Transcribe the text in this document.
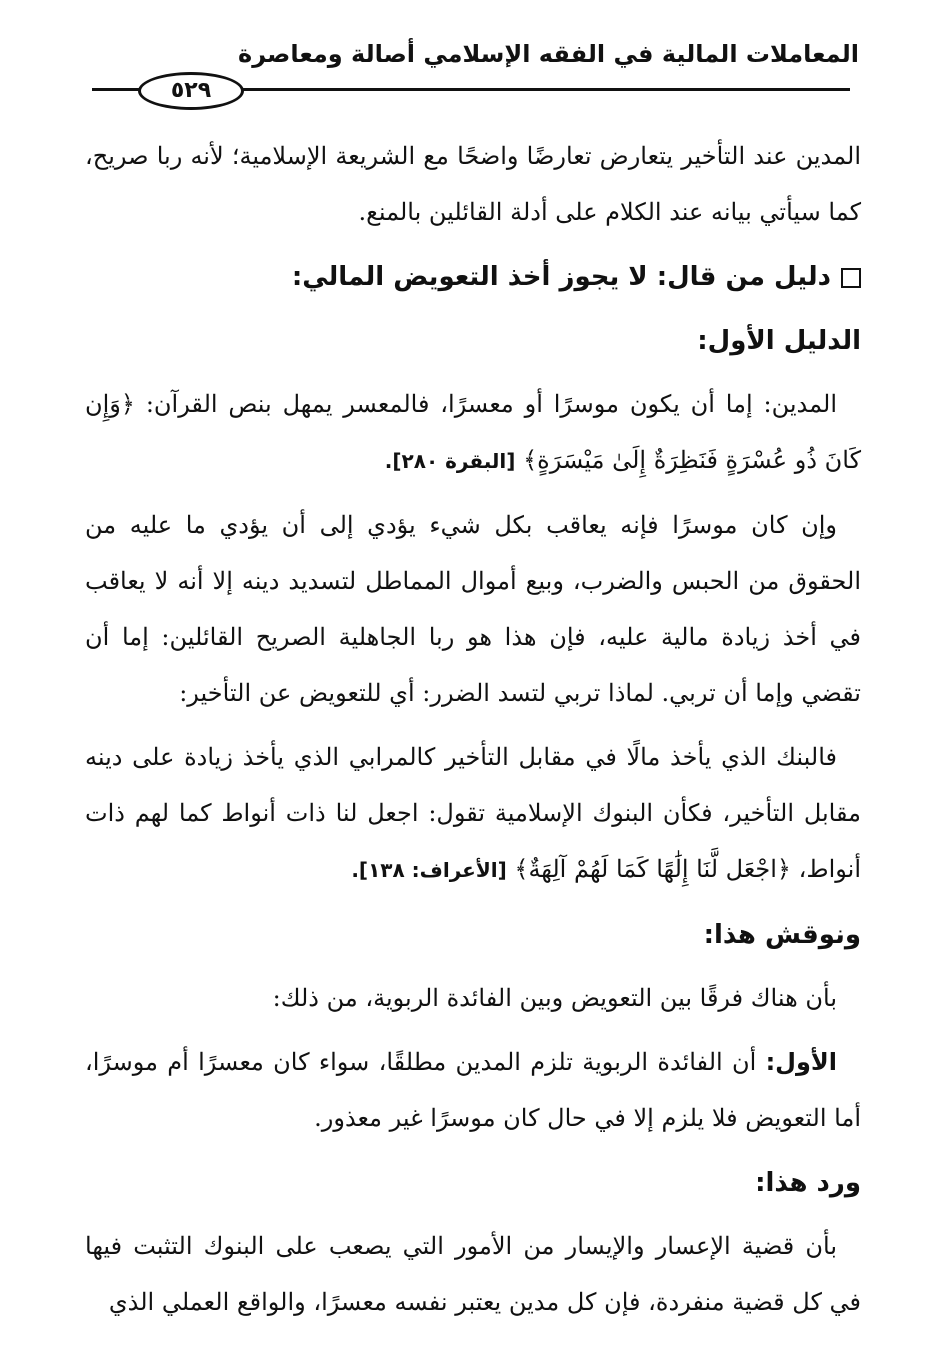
المعاملات المالية في الفقه الإسلامي أصالة ومعاصرة
٥٢٩

المدين عند التأخير يتعارض تعارضًا واضحًا مع الشريعة الإسلامية؛ لأنه ربا صريح، كما سيأتي بيانه عند الكلام على أدلة القائلين بالمنع.

دليل من قال: لا يجوز أخذ التعويض المالي:
الدليل الأول:

المدين: إما أن يكون موسرًا أو معسرًا، فالمعسر يمهل بنص القرآن: ﴿وَإِن كَانَ ذُو عُسْرَةٍ فَنَظِرَةٌ إِلَىٰ مَيْسَرَةٍ﴾ [البقرة ٢٨٠].

وإن كان موسرًا فإنه يعاقب بكل شيء يؤدي إلى أن يؤدي ما عليه من الحقوق من الحبس والضرب، وبيع أموال المماطل لتسديد دينه إلا أنه لا يعاقب في أخذ زيادة مالية عليه، فإن هذا هو ربا الجاهلية الصريح القائلين: إما أن تقضي وإما أن تربي. لماذا تربي لتسد الضرر: أي للتعويض عن التأخير:

فالبنك الذي يأخذ مالًا في مقابل التأخير كالمرابي الذي يأخذ زيادة على دينه مقابل التأخير، فكأن البنوك الإسلامية تقول: اجعل لنا ذات أنواط كما لهم ذات أنواط، ﴿اجْعَل لَّنَا إِلَٰهًا كَمَا لَهُمْ آلِهَةٌ﴾ [الأعراف: ١٣٨].

ونوقش هذا:

بأن هناك فرقًا بين التعويض وبين الفائدة الربوية، من ذلك:

الأول: أن الفائدة الربوية تلزم المدين مطلقًا، سواء كان معسرًا أم موسرًا، أما التعويض فلا يلزم إلا في حال كان موسرًا غير معذور.

ورد هذا:

بأن قضية الإعسار والإيسار من الأمور التي يصعب على البنوك التثبت فيها في كل قضية منفردة، فإن كل مدين يعتبر نفسه معسرًا، والواقع العملي الذي
